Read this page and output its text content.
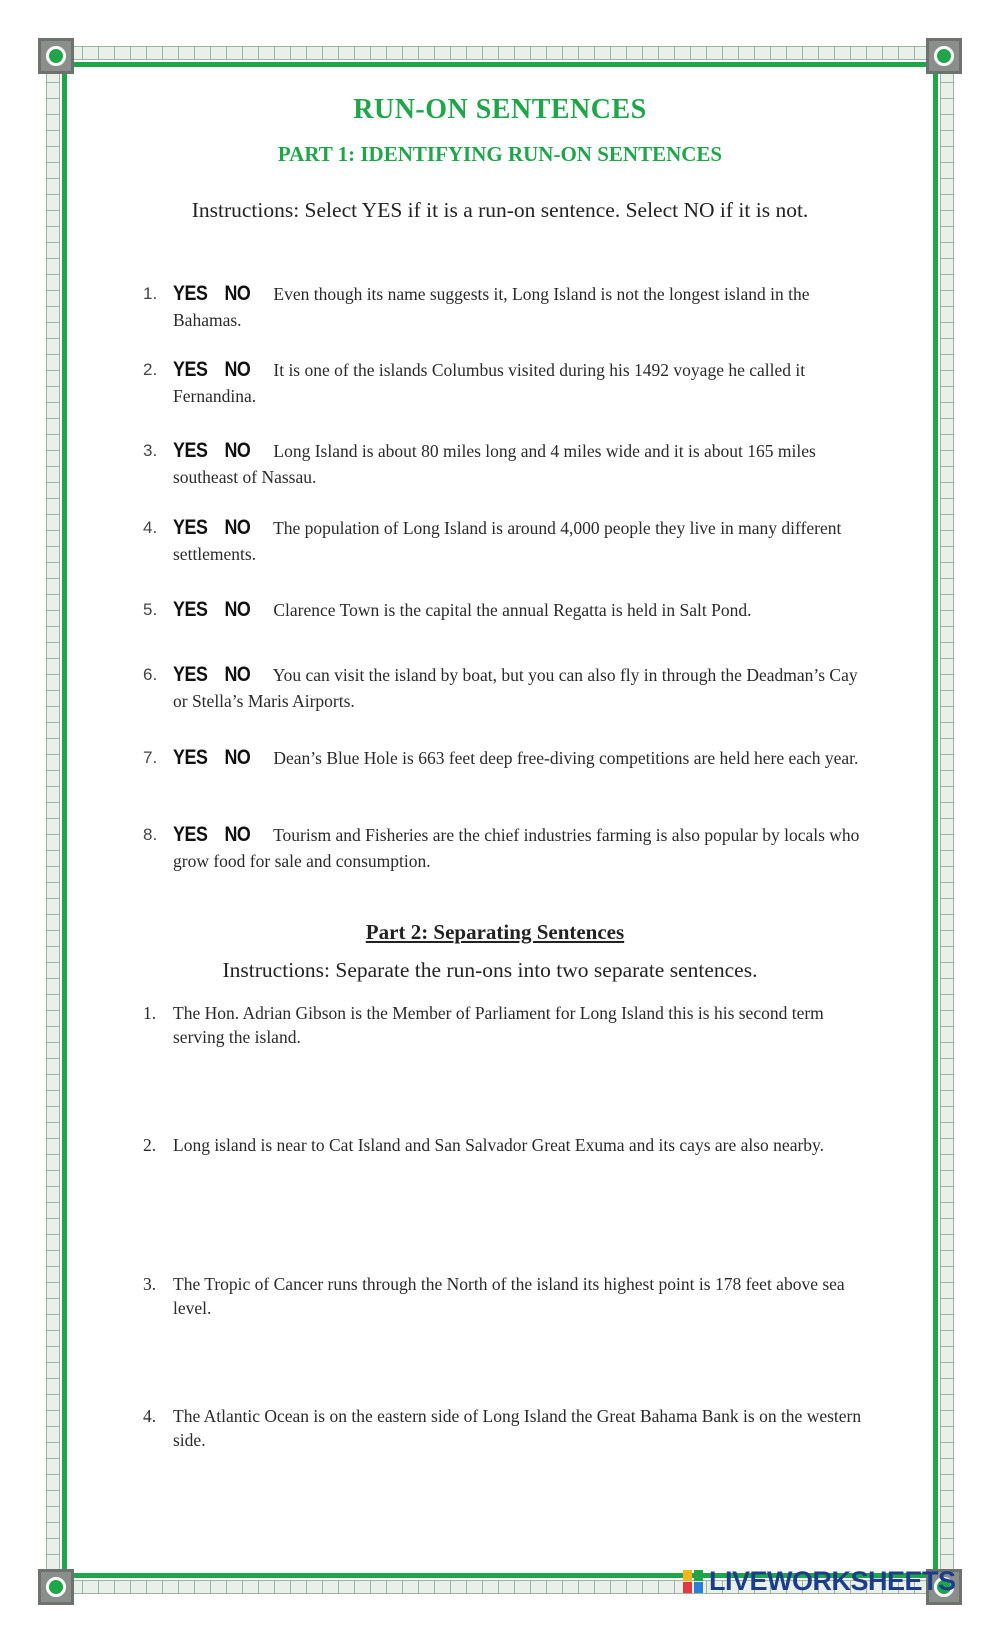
RUN-ON SENTENCES
PART 1: IDENTIFYING RUN-ON SENTENCES
Instructions: Select YES if it is a run-on sentence. Select NO if it is not.
1. YES NO Even though its name suggests it, Long Island is not the longest island in the Bahamas.
2. YES NO It is one of the islands Columbus visited during his 1492 voyage he called it Fernandina.
3. YES NO Long Island is about 80 miles long and 4 miles wide and it is about 165 miles southeast of Nassau.
4. YES NO The population of Long Island is around 4,000 people they live in many different settlements.
5. YES NO Clarence Town is the capital the annual Regatta is held in Salt Pond.
6. YES NO You can visit the island by boat, but you can also fly in through the Deadman’s Cay or Stella’s Maris Airports.
7. YES NO Dean’s Blue Hole is 663 feet deep free-diving competitions are held here each year.
8. YES NO Tourism and Fisheries are the chief industries farming is also popular by locals who grow food for sale and consumption.
Part 2: Separating Sentences
Instructions: Separate the run-ons into two separate sentences.
1. The Hon. Adrian Gibson is the Member of Parliament for Long Island this is his second term serving the island.
2. Long island is near to Cat Island and San Salvador Great Exuma and its cays are also nearby.
3. The Tropic of Cancer runs through the North of the island its highest point is 178 feet above sea level.
4. The Atlantic Ocean is on the eastern side of Long Island the Great Bahama Bank is on the western side.
LIVEWORKSHEETS
